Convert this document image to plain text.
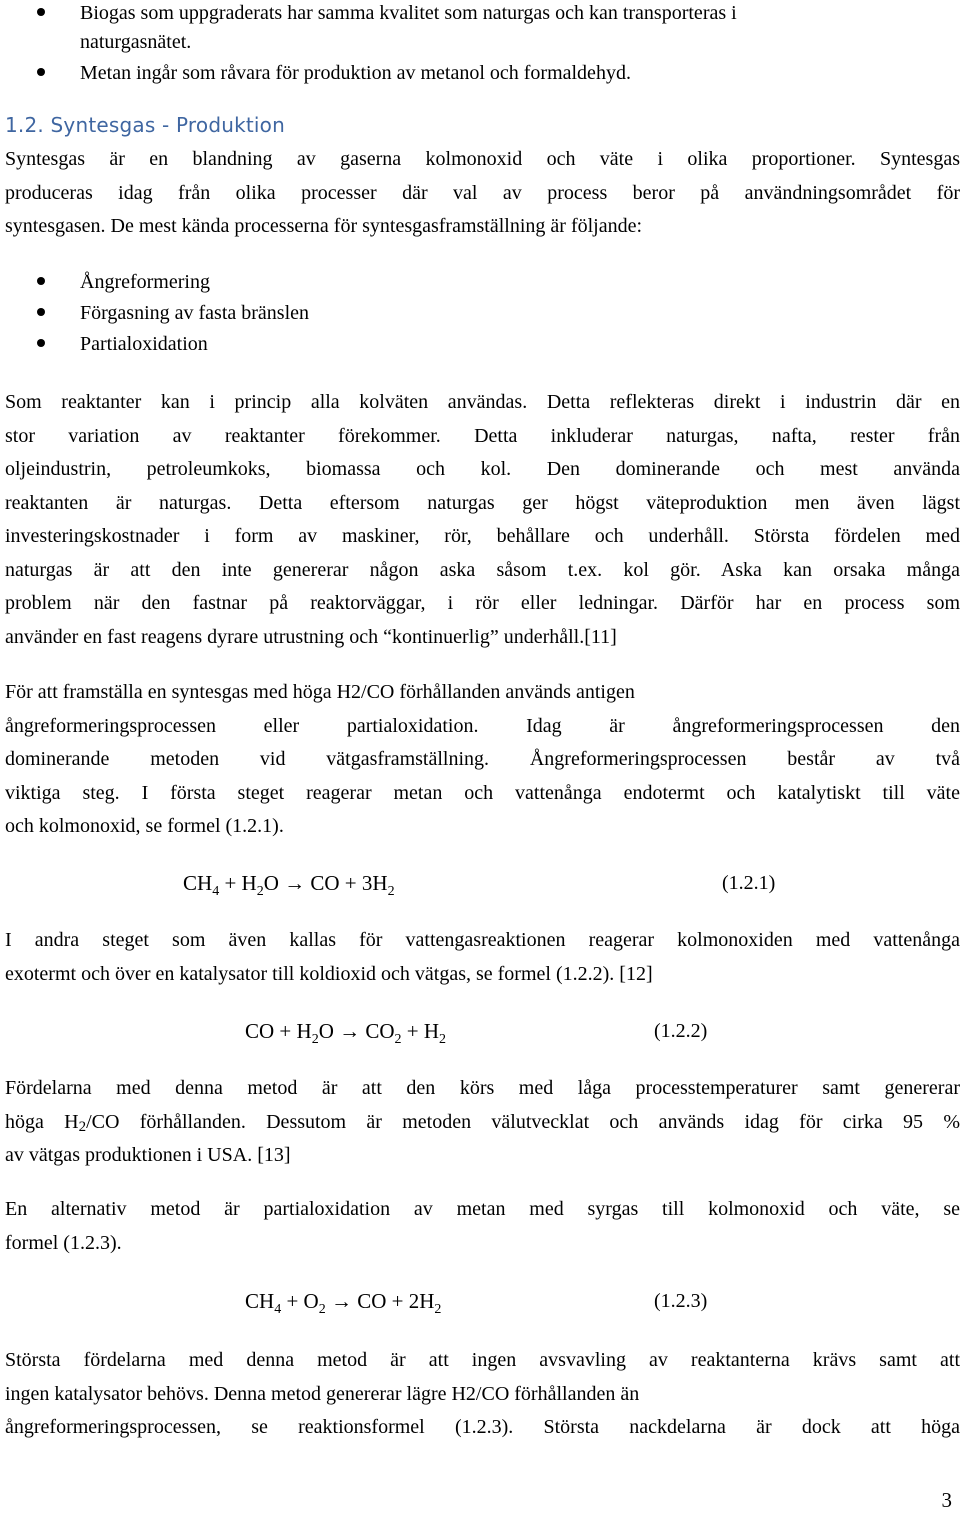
Biogas som uppgraderats har samma kvalitet som naturgas och kan transporteras i

naturgasnätet.

Metan ingår som råvara för produktion av metanol och formaldehyd.
1.2. Syntesgas - Produktion
Syntesgas är en blandning av gaserna kolmonoxid och väte i olika proportioner. Syntesgas
produceras idag från olika processer där val av process beror på användningsområdet för
syntesgasen. De mest kända processerna för syntesgasframställning är följande:
Ångreformering
Förgasning av fasta bränslen
Partialoxidation
Som reaktanter kan i princip alla kolväten användas. Detta reflekteras direkt i industrin där en
stor variation av reaktanter förekommer. Detta inkluderar naturgas, nafta, rester från
oljeindustrin, petroleumkoks, biomassa och kol. Den dominerande och mest använda
reaktanten är naturgas. Detta eftersom naturgas ger högst väteproduktion men även lägst
investeringskostnader i form av maskiner, rör, behållare och underhåll. Största fördelen med
naturgas är att den inte genererar någon aska såsom t.ex. kol gör. Aska kan orsaka många
problem när den fastnar på reaktorväggar, i rör eller ledningar. Därför har en process som
använder en fast reagens dyrare utrustning och “kontinuerlig” underhåll.[11]
För att framställa en syntesgas med höga H2/CO förhållanden används antigen
ångreformeringsprocessen eller partialoxidation. Idag är ångreformeringsprocessen den
dominerande metoden vid vätgasframställning. Ångreformeringsprocessen består av två
viktiga steg. I första steget reagerar metan och vattenånga endotermt och katalytiskt till väte
och kolmonoxid, se formel (1.2.1).
$CH_4 + H_2O$ → CO + $3H_2$	(1.2.1)
I andra steget som även kallas för vattengasreaktionen reagerar kolmonoxiden med vattenånga
exotermt och över en katalysator till koldioxid och vätgas, se formel (1.2.2). [12]
CO + $H_2O \to CO_2 + H_2$	(1.2.2)
Fördelarna med denna metod är att den körs med låga processtemperaturer samt genererar
höga $H_2/CO$ förhållanden. Dessutom är metoden välutvecklat och används idag för cirka 95 %
av vätgas produktionen i USA. [13]
En alternativ metod är partialoxidation av metan med syrgas till kolmonoxid och väte, se
formel (1.2.3).
$CH_4 + O_2$ → CO + $2H_2$	(1.2.3)
Största fördelarna med denna metod är att ingen avsvavling av reaktanterna krävs samt att
ingen katalysator behövs. Denna metod genererar lägre H2/CO förhållanden än
ångreformeringsprocessen, se reaktionsformel (1.2.3). Största nackdelarna är dock att höga
3
